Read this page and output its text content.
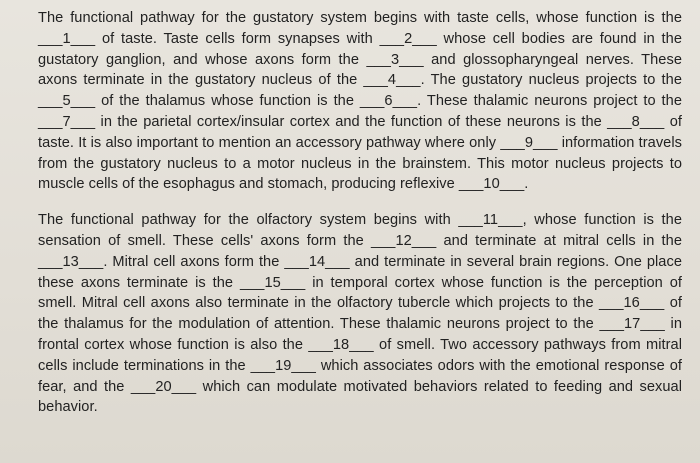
The functional pathway for the gustatory system begins with taste cells, whose function is the ___1___ of taste. Taste cells form synapses with ___2___ whose cell bodies are found in the gustatory ganglion, and whose axons form the ___3___ and glossopharyngeal nerves. These axons terminate in the gustatory nucleus of the ___4___. The gustatory nucleus projects to the ___5___ of the thalamus whose function is the ___6___. These thalamic neurons project to the ___7___ in the parietal cortex/insular cortex and the function of these neurons is the ___8___ of taste. It is also important to mention an accessory pathway where only ___9___ information travels from the gustatory nucleus to a motor nucleus in the brainstem. This motor nucleus projects to muscle cells of the esophagus and stomach, producing reflexive ___10___.

The functional pathway for the olfactory system begins with ___11___, whose function is the sensation of smell. These cells' axons form the ___12___ and terminate at mitral cells in the ___13___. Mitral cell axons form the ___14___ and terminate in several brain regions. One place these axons terminate is the ___15___ in temporal cortex whose function is the perception of smell. Mitral cell axons also terminate in the olfactory tubercle which projects to the ___16___ of the thalamus for the modulation of attention. These thalamic neurons project to the ___17___ in frontal cortex whose function is also the ___18___ of smell. Two accessory pathways from mitral cells include terminations in the ___19___ which associates odors with the emotional response of fear, and the ___20___ which can modulate motivated behaviors related to feeding and sexual behavior.
